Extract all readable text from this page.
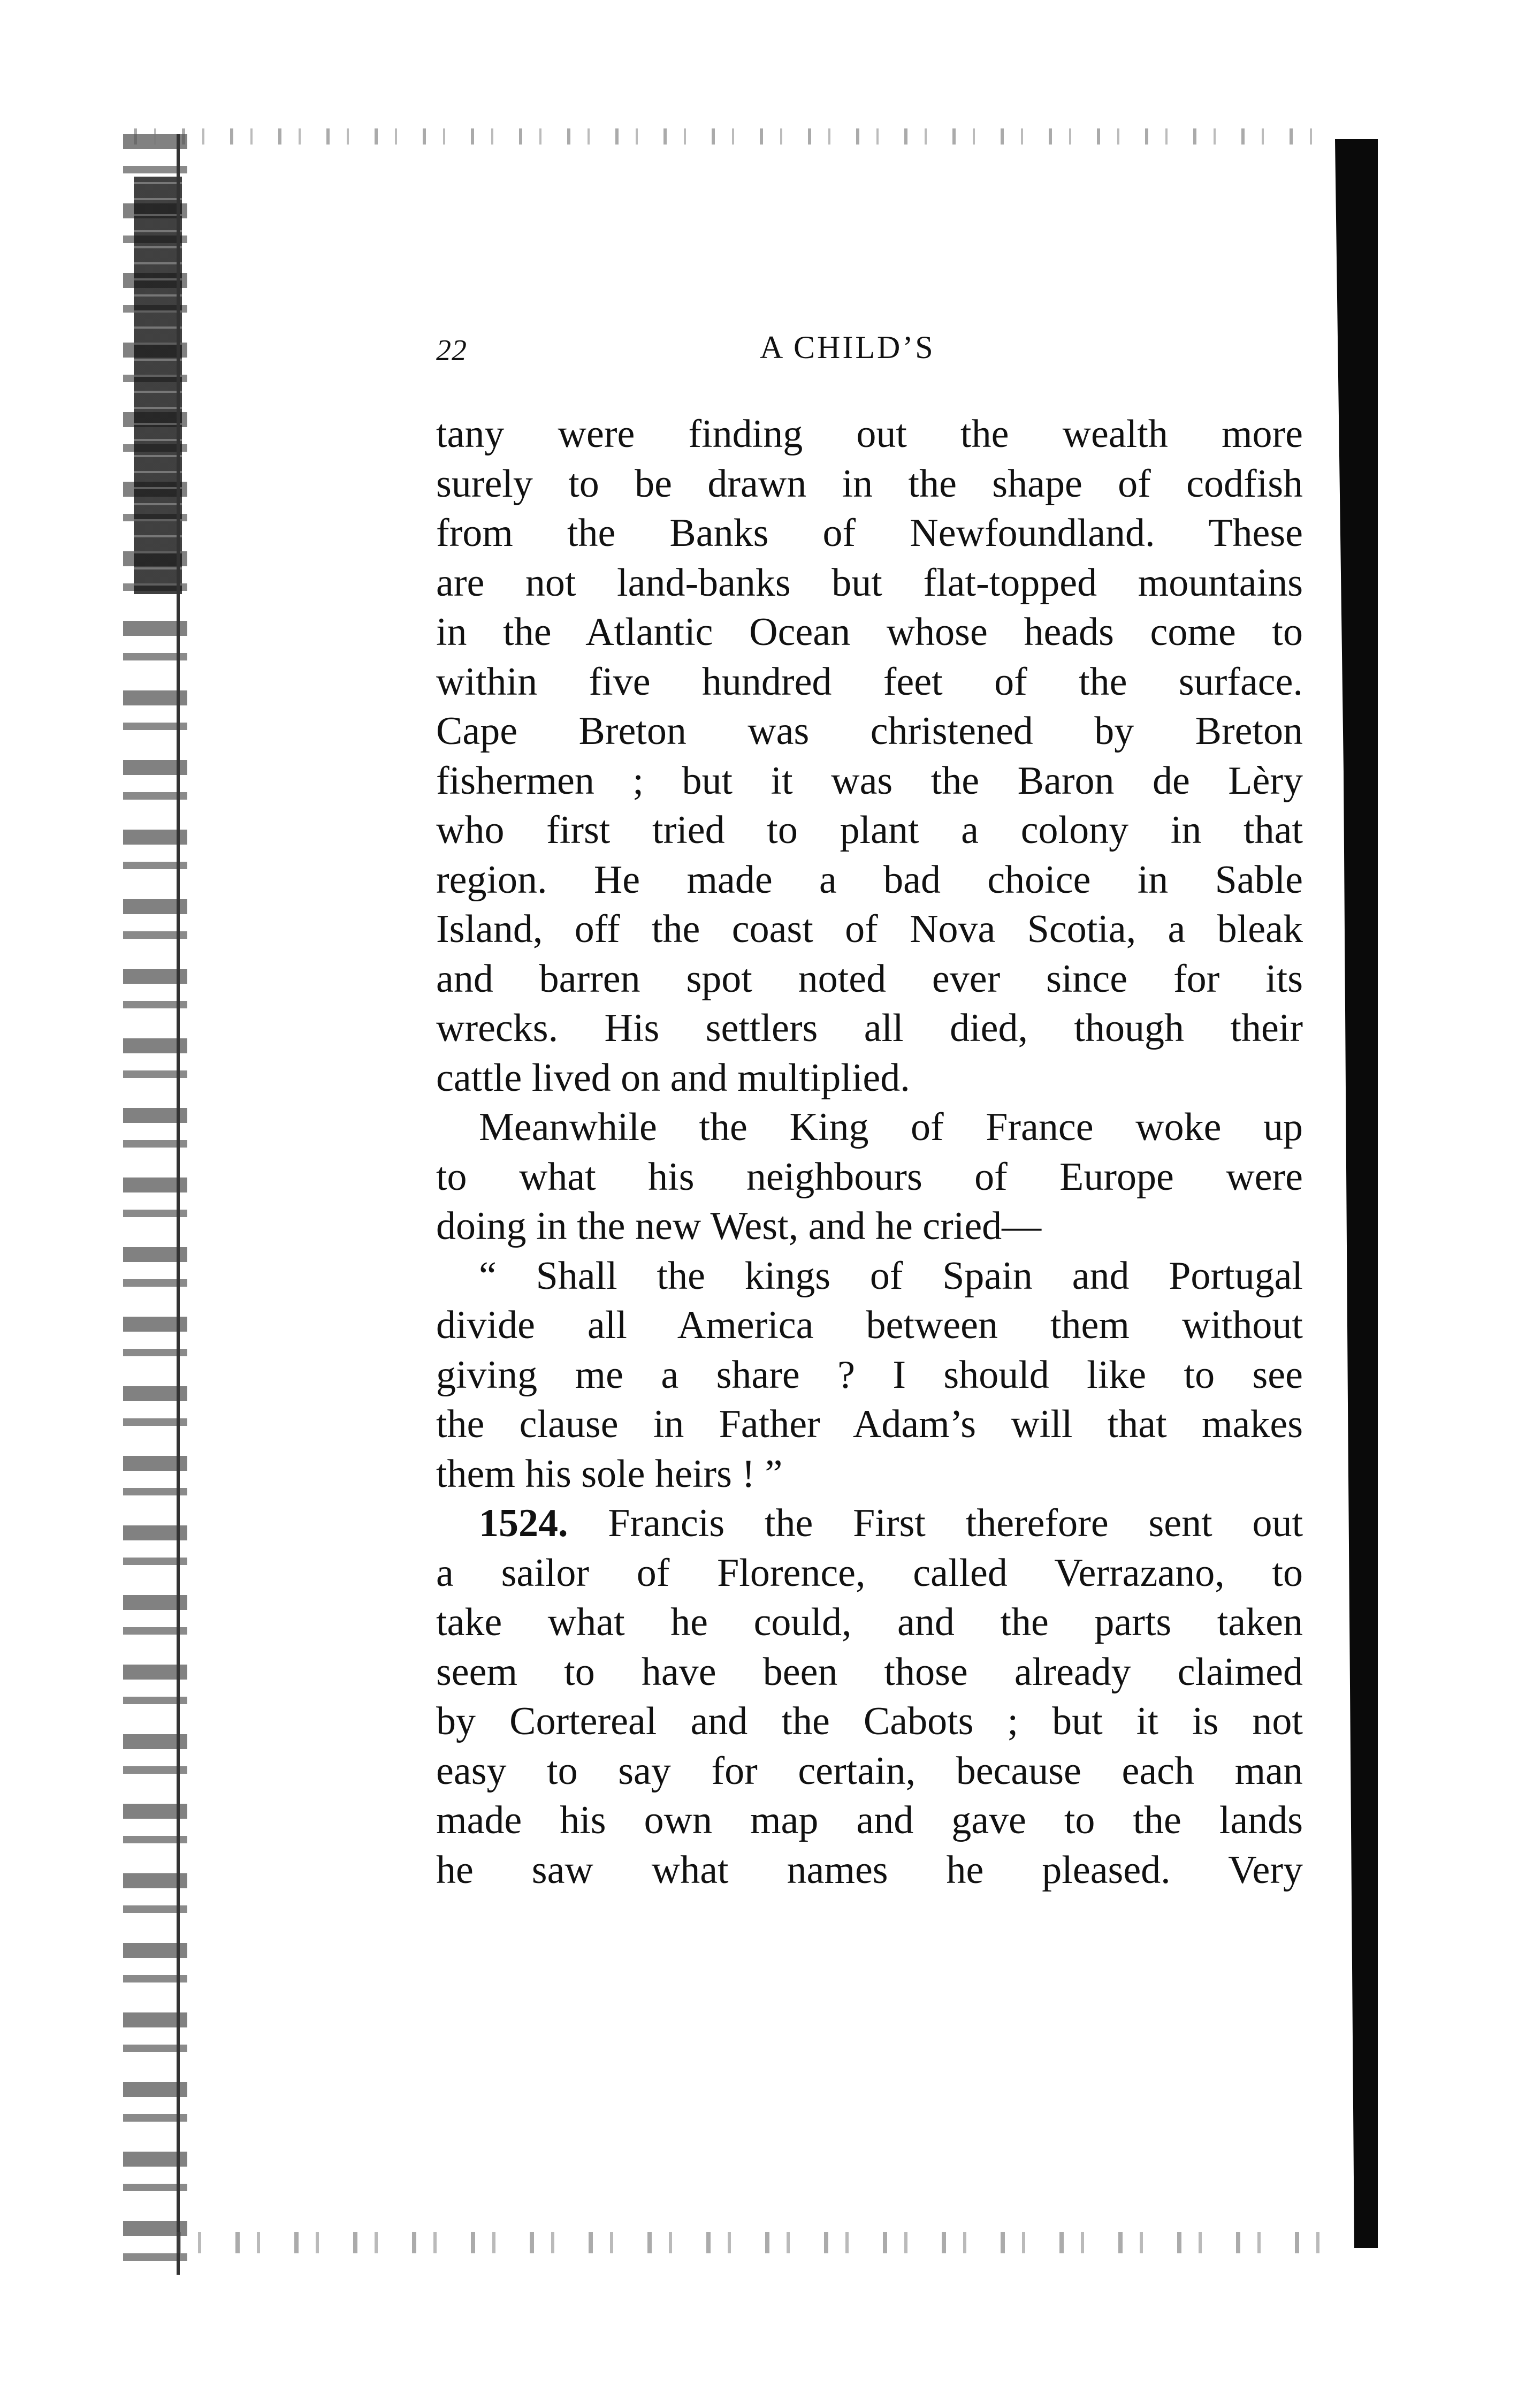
22	A CHILD’S
tany were finding out the wealth more
surely to be drawn in the shape of codfish
from the Banks of Newfoundland. These
are not land-banks but flat-topped mountains
in the Atlantic Ocean whose heads come to
within five hundred feet of the surface.
Cape Breton was christened by Breton
fishermen ; but it was the Baron de Lèry
who first tried to plant a colony in that
region. He made a bad choice in Sable
Island, off the coast of Nova Scotia, a bleak
and barren spot noted ever since for its
wrecks. His settlers all died, though their
cattle lived on and multiplied.
Meanwhile the King of France woke up
to what his neighbours of Europe were
doing in the new West, and he cried—
“ Shall the kings of Spain and Portugal
divide all America between them without
giving me a share ? I should like to see
the clause in Father Adam’s will that makes
them his sole heirs ! ”
1524. Francis the First therefore sent out
a sailor of Florence, called Verrazano, to
take what he could, and the parts taken
seem to have been those already claimed
by Cortereal and the Cabots ; but it is not
easy to say for certain, because each man
made his own map and gave to the lands
he saw what names he pleased. Very
